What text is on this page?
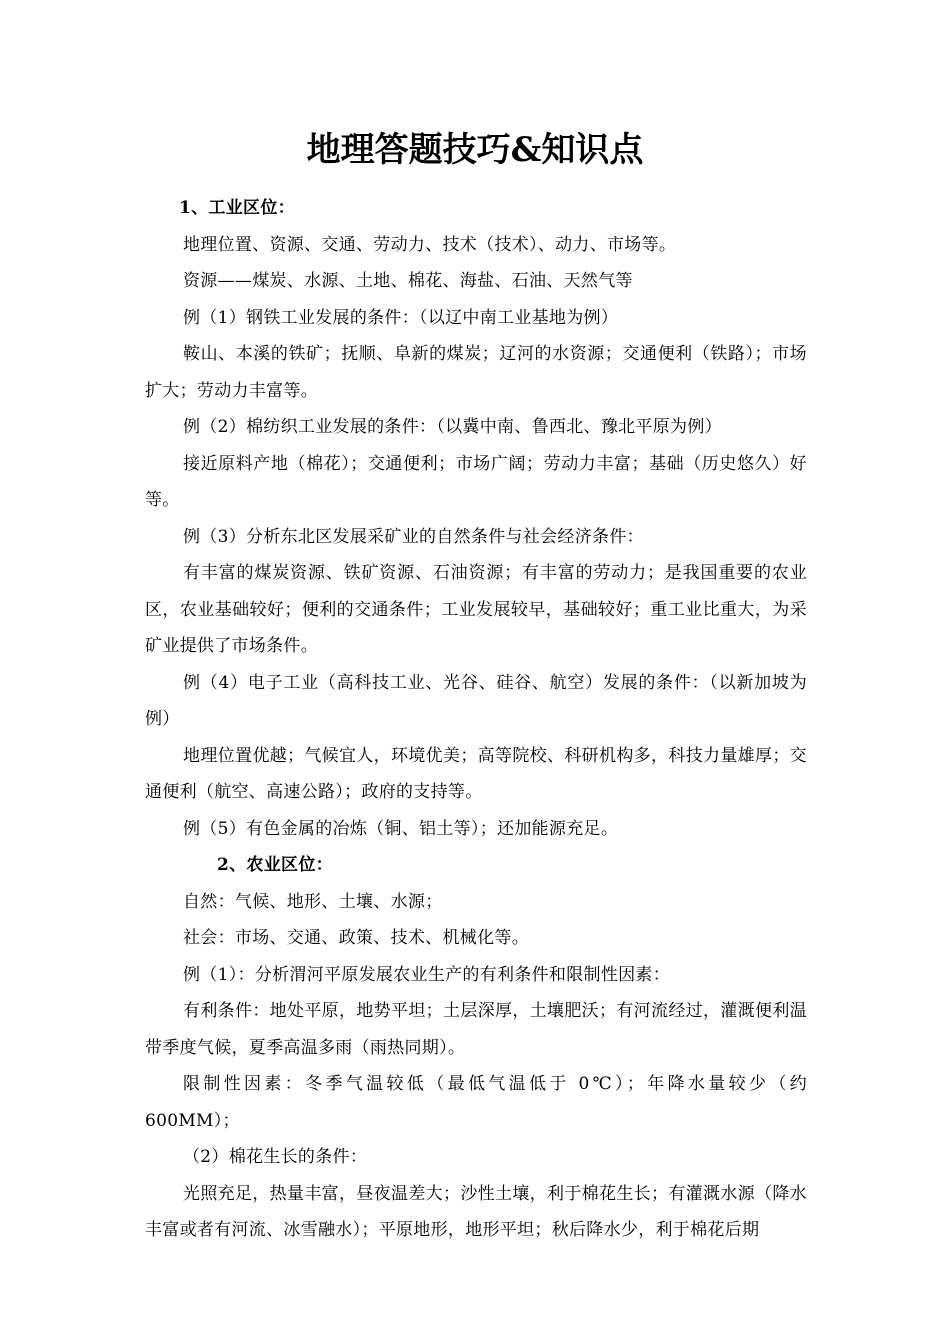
地理答题技巧&知识点

1、工业区位：

地理位置、资源、交通、劳动力、技术（技术）、动力、市场等。

资源——煤炭、水源、土地、棉花、海盐、石油、天然气等

例（1）钢铁工业发展的条件：（以辽中南工业基地为例）

鞍山、本溪的铁矿；抚顺、阜新的煤炭；辽河的水资源；交通便利（铁路）；市场扩大；劳动力丰富等。

例（2）棉纺织工业发展的条件：（以冀中南、鲁西北、豫北平原为例）

接近原料产地（棉花）；交通便利；市场广阔；劳动力丰富；基础（历史悠久）好等。

例（3）分析东北区发展采矿业的自然条件与社会经济条件：

有丰富的煤炭资源、铁矿资源、石油资源；有丰富的劳动力；是我国重要的农业区，农业基础较好；便利的交通条件；工业发展较早，基础较好；重工业比重大，为采矿业提供了市场条件。

例（4）电子工业（高科技工业、光谷、硅谷、航空）发展的条件：（以新加坡为例）

地理位置优越；气候宜人，环境优美；高等院校、科研机构多，科技力量雄厚；交通便利（航空、高速公路）；政府的支持等。

例（5）有色金属的冶炼（铜、铝土等）；还加能源充足。

2、农业区位：

自然：气候、地形、土壤、水源；

社会：市场、交通、政策、技术、机械化等。

例（1）：分析渭河平原发展农业生产的有利条件和限制性因素：

有利条件：地处平原，地势平坦；土层深厚，土壤肥沃；有河流经过，灌溉便利温带季度气候，夏季高温多雨（雨热同期）。

限制性因素：冬季气温较低（最低气温低于 0℃）；年降水量较少（约600MM）；

（2）棉花生长的条件：

光照充足，热量丰富，昼夜温差大；沙性土壤，利于棉花生长；有灌溉水源（降水丰富或者有河流、冰雪融水）；平原地形，地形平坦；秋后降水少，利于棉花后期
